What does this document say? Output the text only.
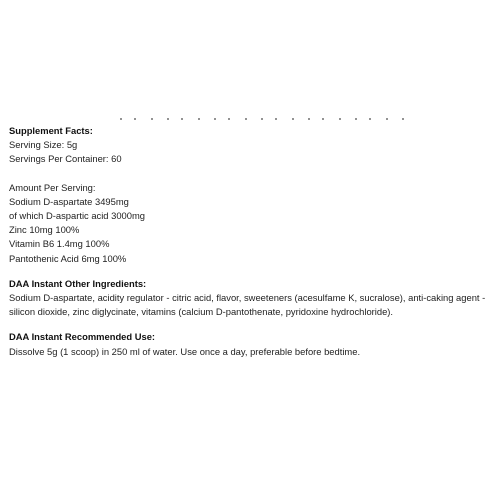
Supplement Facts:

Serving Size: 5g

Servings Per Container: 60

Amount Per Serving:

Sodium D-aspartate 3495mg

of which D-aspartic acid 3000mg

Zinc 10mg 100%

Vitamin B6 1.4mg 100%

Pantothenic Acid 6mg 100%

DAA Instant Other Ingredients:

Sodium D-aspartate, acidity regulator - citric acid, flavor, sweeteners (acesulfame K, sucralose), anti-caking agent - silicon dioxide, zinc diglycinate, vitamins (calcium D-pantothenate, pyridoxine hydrochloride).

DAA Instant Recommended Use:

Dissolve 5g (1 scoop) in 250 ml of water. Use once a day, preferable before bedtime.
